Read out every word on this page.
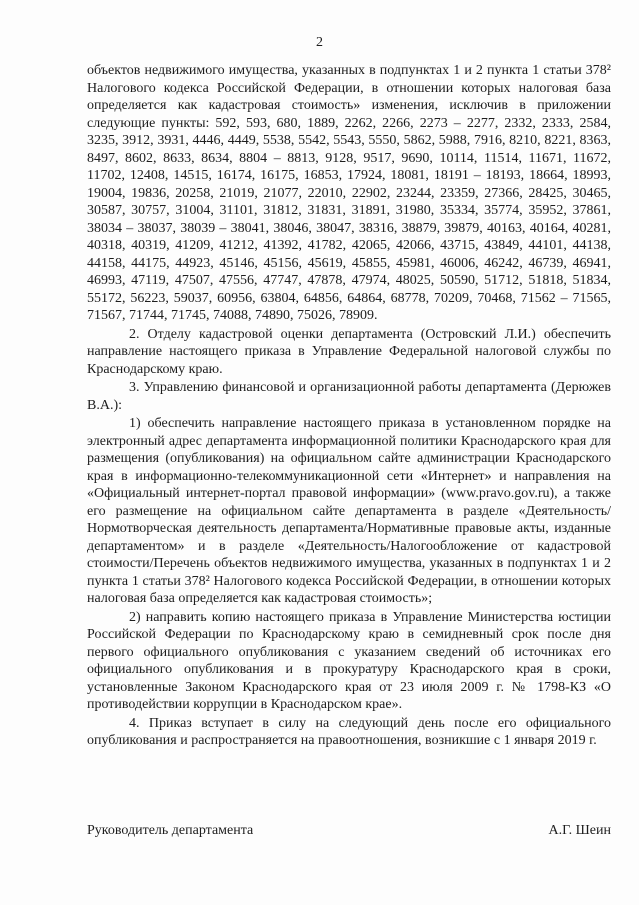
2

объектов недвижимого имущества, указанных в подпунктах 1 и 2 пункта 1 статьи 378² Налогового кодекса Российской Федерации, в отношении которых налоговая база определяется как кадастровая стоимость» изменения, исключив в приложении следующие пункты: 592, 593, 680, 1889, 2262, 2266, 2273 – 2277, 2332, 2333, 2584, 3235, 3912, 3931, 4446, 4449, 5538, 5542, 5543, 5550, 5862, 5988, 7916, 8210, 8221, 8363, 8497, 8602, 8633, 8634, 8804 – 8813, 9128, 9517, 9690, 10114, 11514, 11671, 11672, 11702, 12408, 14515, 16174, 16175, 16853, 17924, 18081, 18191 – 18193, 18664, 18993, 19004, 19836, 20258, 21019, 21077, 22010, 22902, 23244, 23359, 27366, 28425, 30465, 30587, 30757, 31004, 31101, 31812, 31831, 31891, 31980, 35334, 35774, 35952, 37861, 38034 – 38037, 38039 – 38041, 38046, 38047, 38316, 38879, 39879, 40163, 40164, 40281, 40318, 40319, 41209, 41212, 41392, 41782, 42065, 42066, 43715, 43849, 44101, 44138, 44158, 44175, 44923, 45146, 45156, 45619, 45855, 45981, 46006, 46242, 46739, 46941, 46993, 47119, 47507, 47556, 47747, 47878, 47974, 48025, 50590, 51712, 51818, 51834, 55172, 56223, 59037, 60956, 63804, 64856, 64864, 68778, 70209, 70468, 71562 – 71565, 71567, 71744, 71745, 74088, 74890, 75026, 78909.

2. Отделу кадастровой оценки департамента (Островский Л.И.) обеспечить направление настоящего приказа в Управление Федеральной налоговой службы по Краснодарскому краю.

3. Управлению финансовой и организационной работы департамента (Дерюжев В.А.):

1) обеспечить направление настоящего приказа в установленном порядке на электронный адрес департамента информационной политики Краснодарского края для размещения (опубликования) на официальном сайте администрации Краснодарского края в информационно-телекоммуникационной сети «Интернет» и направления на «Официальный интернет-портал правовой информации» (www.pravo.gov.ru), а также его размещение на официальном сайте департамента в разделе «Деятельность/Нормотворческая деятельность департамента/Нормативные правовые акты, изданные департаментом» и в разделе «Деятельность/Налогообложение от кадастровой стоимости/Перечень объектов недвижимого имущества, указанных в подпунктах 1 и 2 пункта 1 статьи 378² Налогового кодекса Российской Федерации, в отношении которых налоговая база определяется как кадастровая стоимость»;

2) направить копию настоящего приказа в Управление Министерства юстиции Российской Федерации по Краснодарскому краю в семидневный срок после дня первого официального опубликования с указанием сведений об источниках его официального опубликования и в прокуратуру Краснодарского края в сроки, установленные Законом Краснодарского края от 23 июля 2009 г. № 1798-КЗ «О противодействии коррупции в Краснодарском крае».

4. Приказ вступает в силу на следующий день после его официального опубликования и распространяется на правоотношения, возникшие с 1 января 2019 г.

Руководитель департамента	А.Г. Шеин
